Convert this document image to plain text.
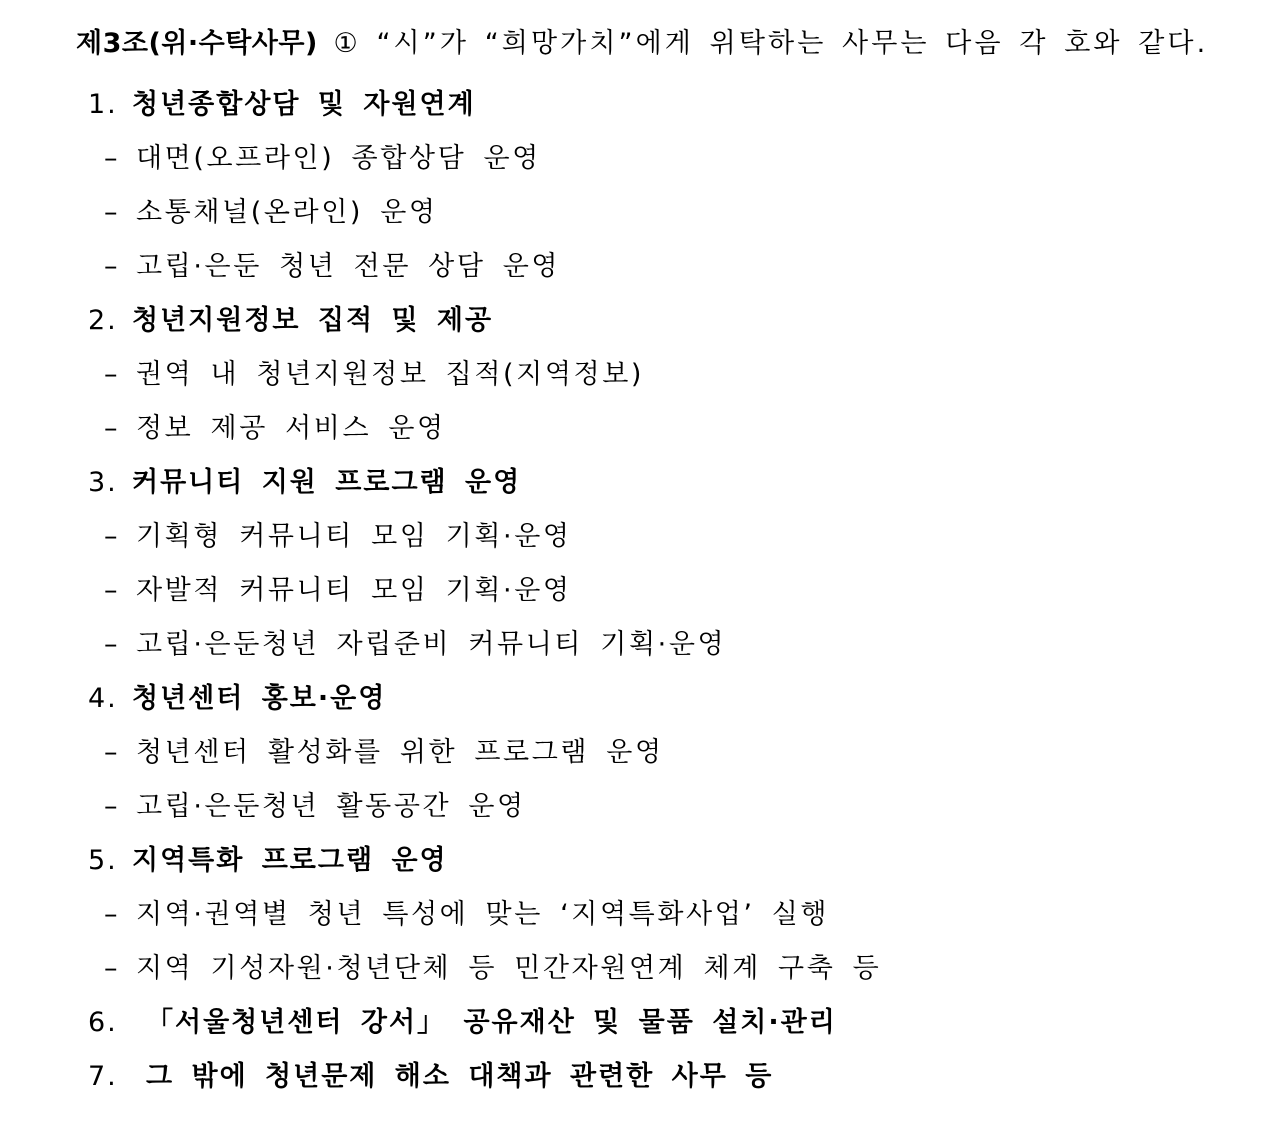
제3조(위·수탁사무) ① “시”가 “희망가치”에게 위탁하는 사무는 다음 각 호와 같다.
1. 청년종합상담 및 자원연계
– 대면(오프라인) 종합상담 운영
– 소통채널(온라인) 운영
– 고립·은둔 청년 전문 상담 운영
2. 청년지원정보 집적 및 제공
– 권역 내 청년지원정보 집적(지역정보)
– 정보 제공 서비스 운영
3. 커뮤니티 지원 프로그램 운영
– 기획형 커뮤니티 모임 기획·운영
– 자발적 커뮤니티 모임 기획·운영
– 고립·은둔청년 자립준비 커뮤니티 기획·운영
4. 청년센터 홍보·운영
– 청년센터 활성화를 위한 프로그램 운영
– 고립·은둔청년 활동공간 운영
5. 지역특화 프로그램 운영
– 지역·권역별 청년 특성에 맞는 ‘지역특화사업’ 실행
– 지역 기성자원·청년단체 등 민간자원연계 체계 구축 등
6. 「서울청년센터 강서」 공유재산 및 물품 설치·관리
7. 그 밖에 청년문제 해소 대책과 관련한 사무 등
